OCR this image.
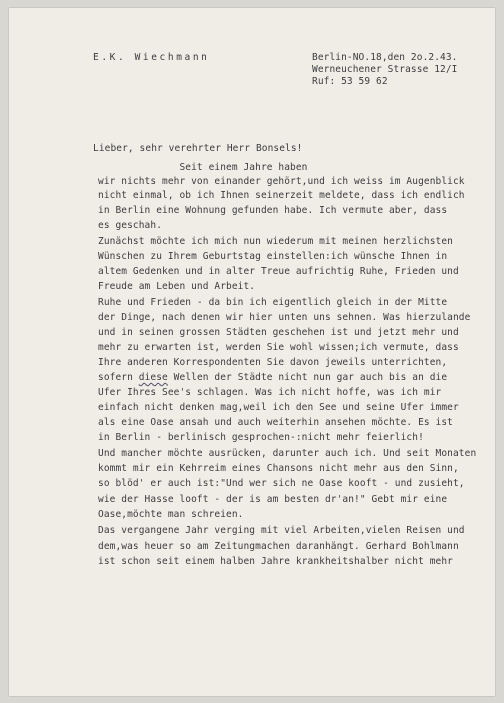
E.K. Wiechmann	Berlin-NO.18,den 2o.2.43.
Werneuchener Strasse 12/I
Ruf: 53 59 62
Lieber, sehr verehrter Herr Bonsels!
Seit einem Jahre haben
wir nichts mehr von einander gehört,und ich weiss im Augenblick
nicht einmal, ob ich Ihnen seinerzeit meldete, dass ich endlich
in Berlin eine Wohnung gefunden habe. Ich vermute aber, dass
es geschah.
Zunächst möchte ich mich nun wiederum mit meinen herzlichsten
Wünschen zu Ihrem Geburtstag einstellen:ich wünsche Ihnen in
altem Gedenken und in alter Treue aufrichtig Ruhe, Frieden und
Freude am Leben und Arbeit.
Ruhe und Frieden - da bin ich eigentlich gleich in der Mitte
der Dinge, nach denen wir hier unten uns sehnen. Was hierzulande
und in seinen grossen Städten geschehen ist und jetzt mehr und
mehr zu erwarten ist, werden Sie wohl wissen;ich vermute, dass
Ihre anderen Korrespondenten Sie davon jeweils unterrichten,
sofern diese Wellen der Städte nicht nun gar auch bis an die
Ufer Ihres See's schlagen. Was ich nicht hoffe, was ich mir
einfach nicht denken mag,weil ich den See und seine Ufer immer
als eine Oase ansah und auch weiterhin ansehen möchte. Es ist
in Berlin - berlinisch gesprochen-:nicht mehr feierlich!
Und mancher möchte ausrücken, darunter auch ich. Und seit Monaten
kommt mir ein Kehrreim eines Chansons nicht mehr aus den Sinn,
so blöd' er auch ist:"Und wer sich ne Oase kooft - und zusieht,
wie der Hasse looft - der is am besten dr'an!" Gebt mir eine
Oase,möchte man schreien.
Das vergangene Jahr verging mit viel Arbeiten,vielen Reisen und
dem,was heuer so am Zeitungmachen daranhängt. Gerhard Bohlmann
ist schon seit einem halben Jahre krankheitshalber nicht mehr
